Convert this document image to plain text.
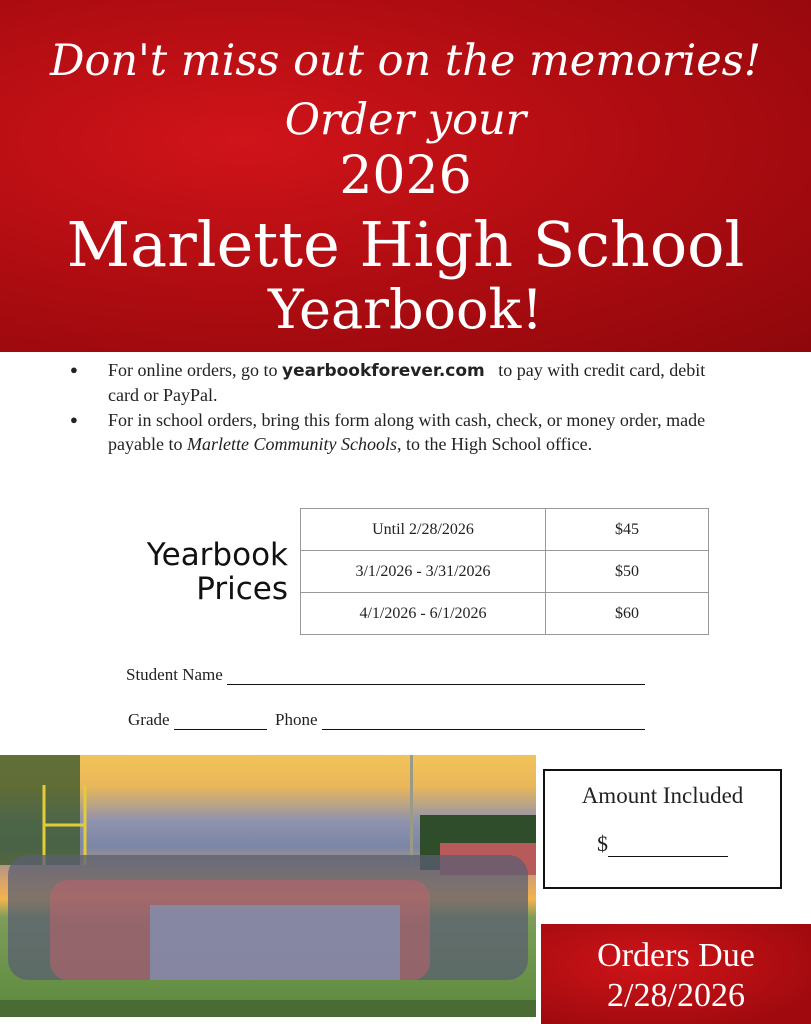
Don't miss out on the memories!
Order your
2026
Marlette High School
Yearbook!
● For online orders, go to yearbookforever.com to pay with credit card, debit card or PayPal.
● For in school orders, bring this form along with cash, check, or money order, made payable to Marlette Community Schools, to the High School office.
Yearbook
Prices
Until 2/28/2026	$45
3/1/2026 - 3/31/2026	$50
4/1/2026 - 6/1/2026	$60
Student Name
Grade	Phone
Amount Included
$
Orders Due
2/28/2026
